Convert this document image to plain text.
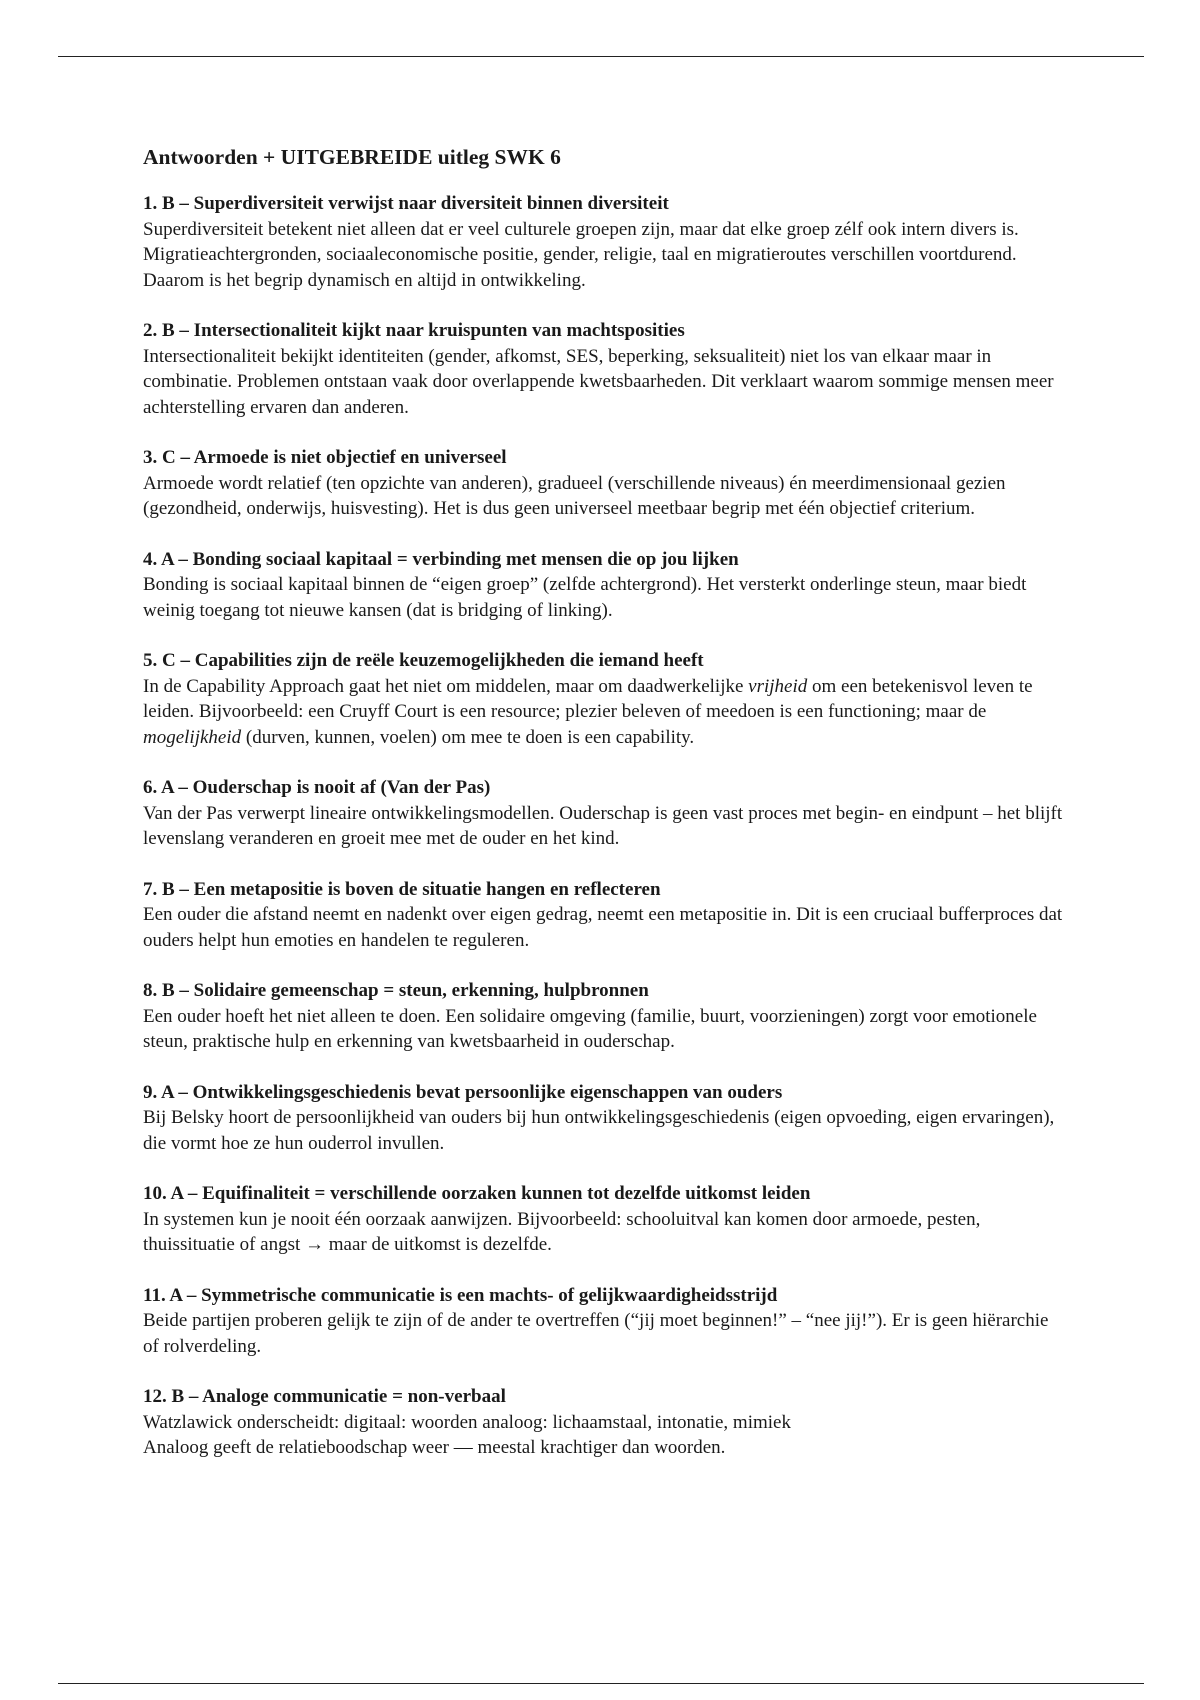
Antwoorden + UITGEBREIDE uitleg SWK 6

1. B – Superdiversiteit verwijst naar diversiteit binnen diversiteit

Superdiversiteit betekent niet alleen dat er veel culturele groepen zijn, maar dat elke groep zélf ook intern divers is. Migratieachtergronden, sociaaleconomische positie, gender, religie, taal en migratieroutes verschillen voortdurend. Daarom is het begrip dynamisch en altijd in ontwikkeling.

2. B – Intersectionaliteit kijkt naar kruispunten van machtsposities

Intersectionaliteit bekijkt identiteiten (gender, afkomst, SES, beperking, seksualiteit) niet los van elkaar maar in combinatie. Problemen ontstaan vaak door overlappende kwetsbaarheden. Dit verklaart waarom sommige mensen meer achterstelling ervaren dan anderen.

3. C – Armoede is niet objectief en universeel

Armoede wordt relatief (ten opzichte van anderen), gradueel (verschillende niveaus) én meerdimensionaal gezien (gezondheid, onderwijs, huisvesting). Het is dus geen universeel meetbaar begrip met één objectief criterium.

4. A – Bonding sociaal kapitaal = verbinding met mensen die op jou lijken

Bonding is sociaal kapitaal binnen de “eigen groep” (zelfde achtergrond). Het versterkt onderlinge steun, maar biedt weinig toegang tot nieuwe kansen (dat is bridging of linking).

5. C – Capabilities zijn de reële keuzemogelijkheden die iemand heeft

In de Capability Approach gaat het niet om middelen, maar om daadwerkelijke vrijheid om een betekenisvol leven te leiden. Bijvoorbeeld: een Cruyff Court is een resource; plezier beleven of meedoen is een functioning; maar de mogelijkheid (durven, kunnen, voelen) om mee te doen is een capability.

6. A – Ouderschap is nooit af (Van der Pas)

Van der Pas verwerpt lineaire ontwikkelingsmodellen. Ouderschap is geen vast proces met begin- en eindpunt – het blijft levenslang veranderen en groeit mee met de ouder en het kind.

7. B – Een metapositie is boven de situatie hangen en reflecteren

Een ouder die afstand neemt en nadenkt over eigen gedrag, neemt een metapositie in. Dit is een cruciaal bufferproces dat ouders helpt hun emoties en handelen te reguleren.

8. B – Solidaire gemeenschap = steun, erkenning, hulpbronnen

Een ouder hoeft het niet alleen te doen. Een solidaire omgeving (familie, buurt, voorzieningen) zorgt voor emotionele steun, praktische hulp en erkenning van kwetsbaarheid in ouderschap.

9. A – Ontwikkelingsgeschiedenis bevat persoonlijke eigenschappen van ouders

Bij Belsky hoort de persoonlijkheid van ouders bij hun ontwikkelingsgeschiedenis (eigen opvoeding, eigen ervaringen), die vormt hoe ze hun ouderrol invullen.

10. A – Equifinaliteit = verschillende oorzaken kunnen tot dezelfde uitkomst leiden

In systemen kun je nooit één oorzaak aanwijzen. Bijvoorbeeld: schooluitval kan komen door armoede, pesten, thuissituatie of angst → maar de uitkomst is dezelfde.

11. A – Symmetrische communicatie is een machts- of gelijkwaardigheidsstrijd

Beide partijen proberen gelijk te zijn of de ander te overtreffen (“jij moet beginnen!” – “nee jij!”). Er is geen hiërarchie of rolverdeling.

12. B – Analoge communicatie = non-verbaal

Watzlawick onderscheidt: digitaal: woorden analoog: lichaamstaal, intonatie, mimiek
Analoog geeft de relatieboodschap weer — meestal krachtiger dan woorden.
